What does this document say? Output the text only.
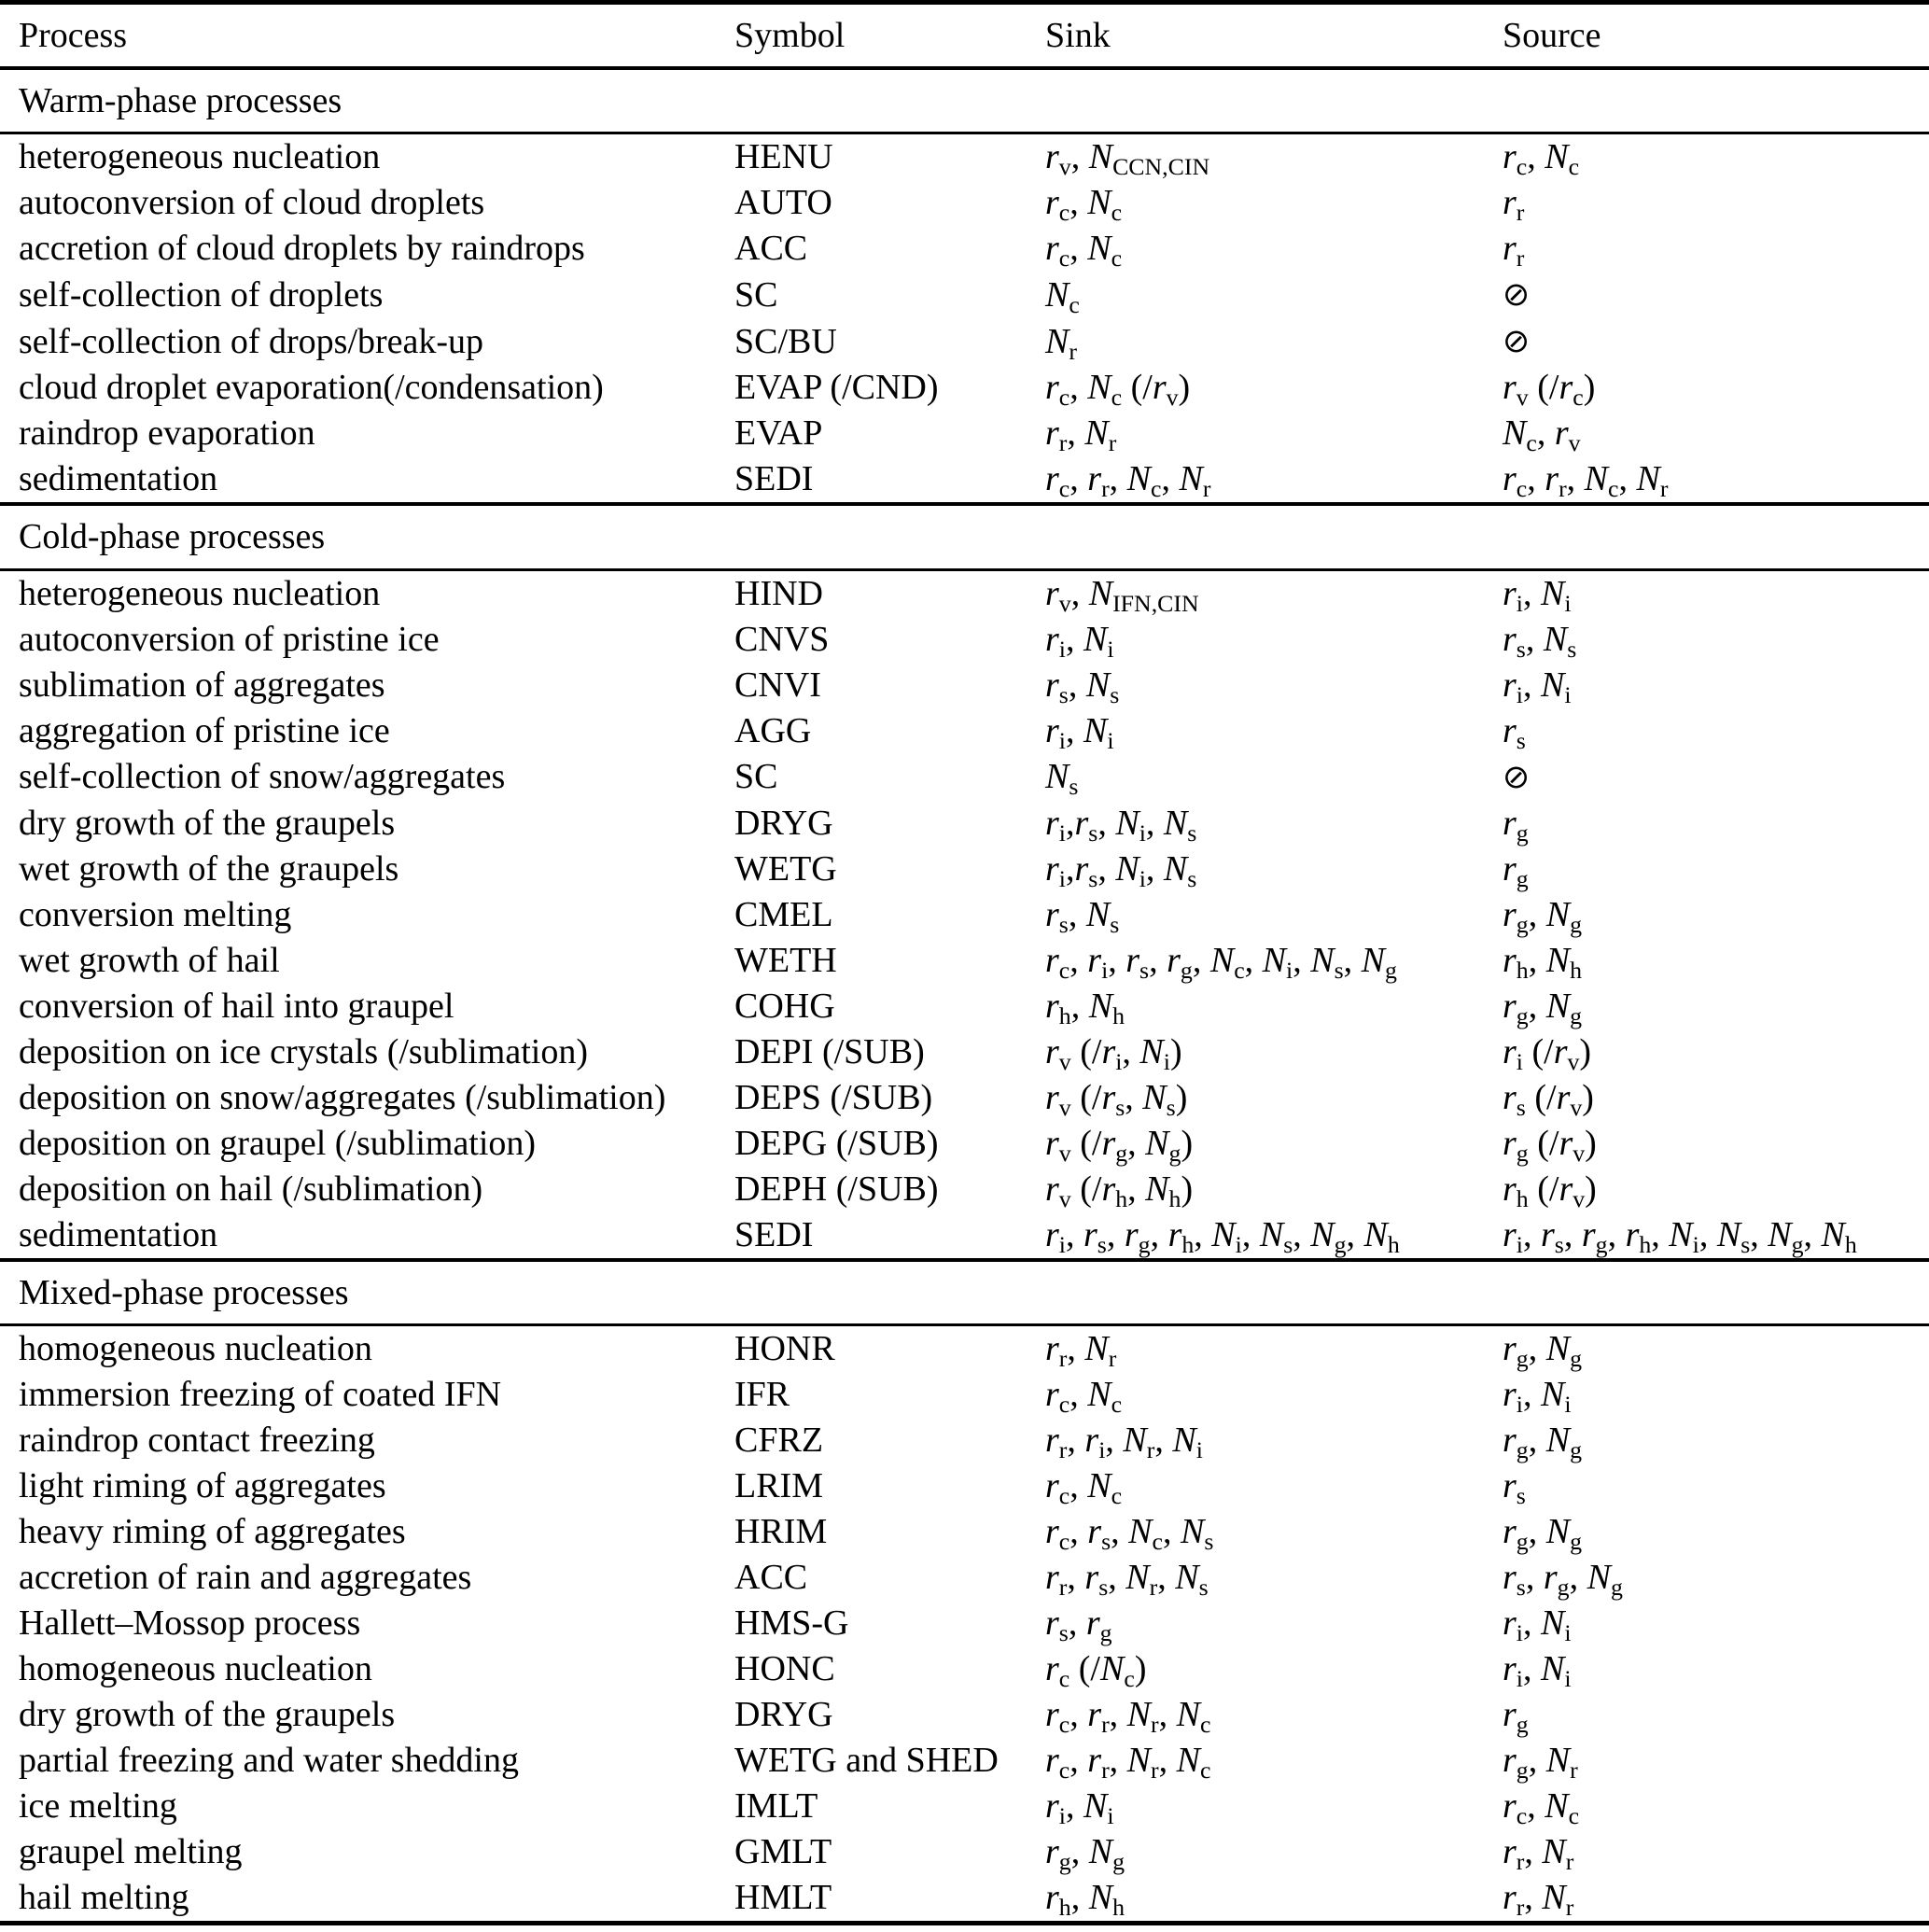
Process	Symbol	Sink	Source
Warm-phase processes			
heterogeneous nucleation	HENU	$r_v$, $N_{CCN,CIN}$	$r_c$, $N_c$
autoconversion of cloud droplets	AUTO	$r_c$, $N_c$	$r_r$
accretion of cloud droplets by raindrops	ACC	$r_c$, $N_c$	$r_r$
self-collection of droplets	SC	$N_c$	⊘
self-collection of drops/break-up	SC/BU	$N_r$	⊘
cloud droplet evaporation(/condensation)	EVAP (/CND)	$r_c$, $N_c$ $(/r_v)$	$r_v$ $(/r_c)$
raindrop evaporation	EVAP	$r_r$, $N_r$	$N_c$, $r_v$
sedimentation	SEDI	$r_c$, $r_r$, $N_c$, $N_r$	$r_c$, $r_r$, $N_c$, $N_r$
Cold-phase processes			
heterogeneous nucleation	HIND	$r_v$, $N_{IFN,CIN}$	$r_i$, $N_i$
autoconversion of pristine ice	CNVS	$r_i$, $N_i$	$r_s$, $N_s$
sublimation of aggregates	CNVI	$r_s$, $N_s$	$r_i$, $N_i$
aggregation of pristine ice	AGG	$r_i$, $N_i$	$r_s$
self-collection of snow/aggregates	SC	$N_s$	⊘
dry growth of the graupels	DRYG	$r_i,r_s$, $N_i$, $N_s$	$r_g$
wet growth of the graupels	WETG	$r_i,r_s$, $N_i$, $N_s$	$r_g$
conversion melting	CMEL	$r_s$, $N_s$	$r_g$, $N_g$
wet growth of hail	WETH	$r_c$, $r_i$, $r_s$, $r_g$, $N_c$, $N_i$, $N_s$, $N_g$	$r_h$, $N_h$
conversion of hail into graupel	COHG	$r_h$, $N_h$	$r_g$, $N_g$
deposition on ice crystals (/sublimation)	DEPI (/SUB)	$r_v$ ($/r_i$, $N_i$)	$r_i$ $(/r_v)$
deposition on snow/aggregates (/sublimation)	DEPS (/SUB)	$r_v$ ($/r_s$, $N_s$)	$r_s$ $(/r_v)$
deposition on graupel (/sublimation)	DEPG (/SUB)	$r_v$ ($/r_g$, $N_g$)	$r_g$ $(/r_v)$
deposition on hail (/sublimation)	DEPH (/SUB)	$r_v$ ($/r_h$, $N_h$)	$r_h$ $(/r_v)$
sedimentation	SEDI	$r_i$, $r_s$, $r_g$, $r_h$, $N_i$, $N_s$, $N_g$, $N_h$	$r_i$, $r_s$, $r_g$, $r_h$, $N_i$, $N_s$, $N_g$, $N_h$
Mixed-phase processes			
homogeneous nucleation	HONR	$r_r$, $N_r$	$r_g$, $N_g$
immersion freezing of coated IFN	IFR	$r_c$, $N_c$	$r_i$, $N_i$
raindrop contact freezing	CFRZ	$r_r$, $r_i$, $N_r$, $N_i$	$r_g$, $N_g$
light riming of aggregates	LRIM	$r_c$, $N_c$	$r_s$
heavy riming of aggregates	HRIM	$r_c$, $r_s$, $N_c$, $N_s$	$r_g$, $N_g$
accretion of rain and aggregates	ACC	$r_r$, $r_s$, $N_r$, $N_s$	$r_s$, $r_g$, $N_g$
Hallett–Mossop process	HMS-G	$r_s$, $r_g$	$r_i$, $N_i$
homogeneous nucleation	HONC	$r_c$ $(/N_c)$	$r_i$, $N_i$
dry growth of the graupels	DRYG	$r_c$, $r_r$, $N_r$, $N_c$	$r_g$
partial freezing and water shedding	WETG and SHED	$r_c$, $r_r$, $N_r$, $N_c$	$r_g$, $N_r$
ice melting	IMLT	$r_i$, $N_i$	$r_c$, $N_c$
graupel melting	GMLT	$r_g$, $N_g$	$r_r$, $N_r$
hail melting	HMLT	$r_h$, $N_h$	$r_r$, $N_r$
